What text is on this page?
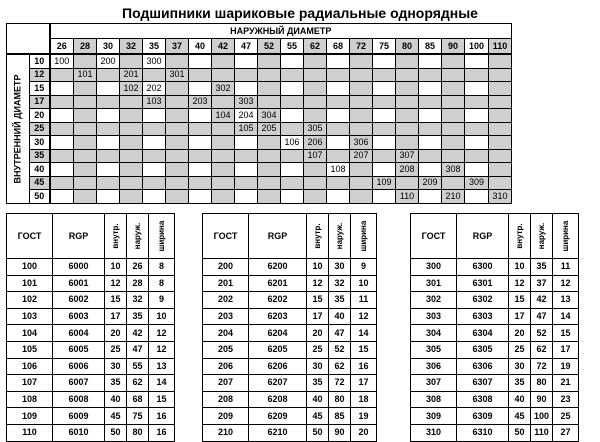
Подшипники шариковые радиальные однорядные
		НАРУЖНЫЙ ДИАМЕТР																			
		26	28	30	32	35	37	40	42	47	52	55	62	68	72	75	80	85	90	100	110

ВНУТРЕННИЙ ДИАМЕТР	10	100		200		300															
	12		101		201		301														
	15				102	202			302												
	17					103		203		303											
	20								104	204	304										
	25									105	205		305								
	30											106	206		306						
	35												107		207		307				
	40													108			208		308		
	45															109		209		309	
	50																110		210		310
ГОСТ	RGP	внутр.	наруж.	ширина

100	6000	10	26	8
101	6001	12	28	8
102	6002	15	32	9
103	6003	17	35	10
104	6004	20	42	12
105	6005	25	47	12
106	6006	30	55	13
107	6007	35	62	14
108	6008	40	68	15
109	6009	45	75	16
110	6010	50	80	16
ГОСТ	RGP	внутр.	наруж.	ширина

200	6200	10	30	9
201	6201	12	32	10
202	6202	15	35	11
203	6203	17	40	12
204	6204	20	47	14
205	6205	25	52	15
206	6206	30	62	16
207	6207	35	72	17
208	6208	40	80	18
209	6209	45	85	19
210	6210	50	90	20
ГОСТ	RGP	внутр.	наруж.	ширина

300	6300	10	35	11
301	6301	12	37	12
302	6302	15	42	13
303	6303	17	47	14
304	6304	20	52	15
305	6305	25	62	17
306	6306	30	72	19
307	6307	35	80	21
308	6308	40	90	23
309	6309	45	100	25
310	6310	50	110	27
